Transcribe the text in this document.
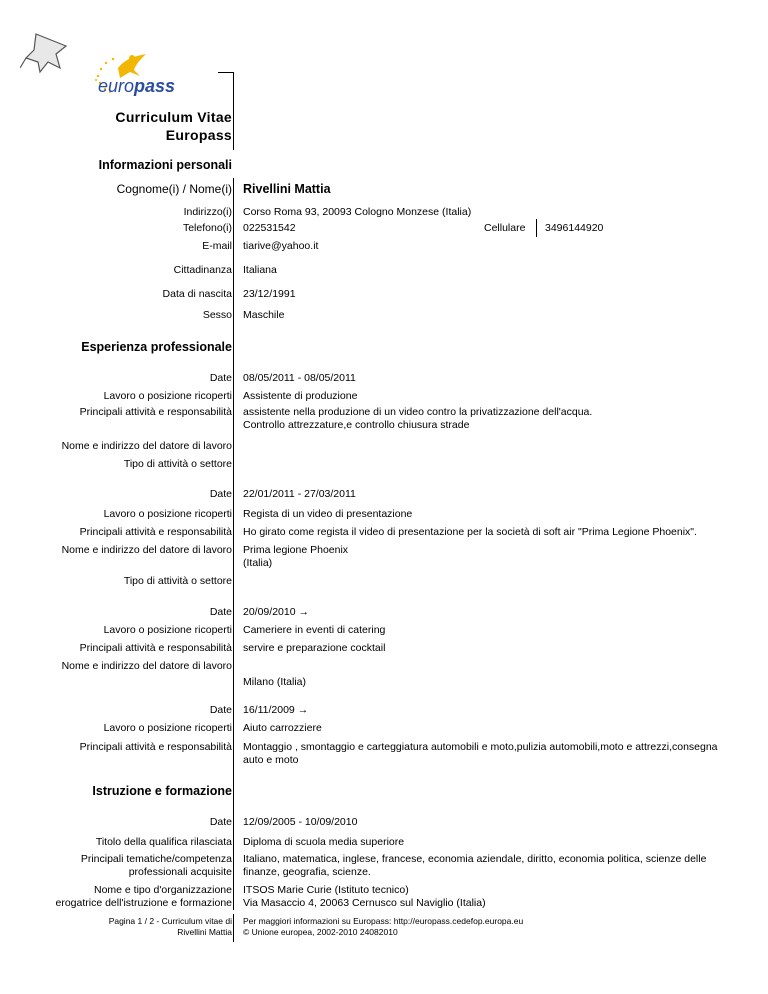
europass
Curriculum Vitae
Europass
Informazioni personali
Cognome(i) / Nome(i) Rivellini Mattia
Indirizzo(i) Corso Roma 93, 20093 Cologno Monzese (Italia)
Telefono(i) 022531542	Cellulare 3496144920
E-mail tiarive@yahoo.it
Cittadinanza Italiana
Data di nascita 23/12/1991
Sesso Maschile
Esperienza professionale
Date 08/05/2011 - 08/05/2011
Lavoro o posizione ricoperti Assistente di produzione
Principali attività e responsabilità assistente nella produzione di un video contro la privatizzazione dell'acqua.
Controllo attrezzature,e controllo chiusura strade
Nome e indirizzo del datore di lavoro
Tipo di attività o settore
Date 22/01/2011 - 27/03/2011
Lavoro o posizione ricoperti Regista di un video di presentazione
Principali attività e responsabilità Ho girato come regista il video di presentazione per la società di soft air "Prima Legione Phoenix".
Nome e indirizzo del datore di lavoro Prima legione Phoenix
(Italia)
Tipo di attività o settore
Date 20/09/2010 →
Lavoro o posizione ricoperti Cameriere in eventi di catering
Principali attività e responsabilità servire e preparazione cocktail
Nome e indirizzo del datore di lavoro
Milano (Italia)
Date 16/11/2009 →
Lavoro o posizione ricoperti Aiuto carrozziere
Principali attività e responsabilità Montaggio , smontaggio e carteggiatura automobili e moto,pulizia automobili,moto e attrezzi,consegna
auto e moto
Istruzione e formazione
Date 12/09/2005 - 10/09/2010
Titolo della qualifica rilasciata Diploma di scuola media superiore
Principali tematiche/competenza
professionali acquisite
Italiano, matematica, inglese, francese, economia aziendale, diritto, economia politica, scienze delle
finanze, geografia, scienze.
Nome e tipo d'organizzazione
erogatrice dell'istruzione e formazione
ITSOS Marie Curie (Istituto tecnico)
Via Masaccio 4, 20063 Cernusco sul Naviglio (Italia)
Pagina 1 / 2 - Curriculum vitae di
Rivellini Mattia
Per maggiori informazioni su Europass: http://europass.cedefop.europa.eu
© Unione europea, 2002-2010 24082010
